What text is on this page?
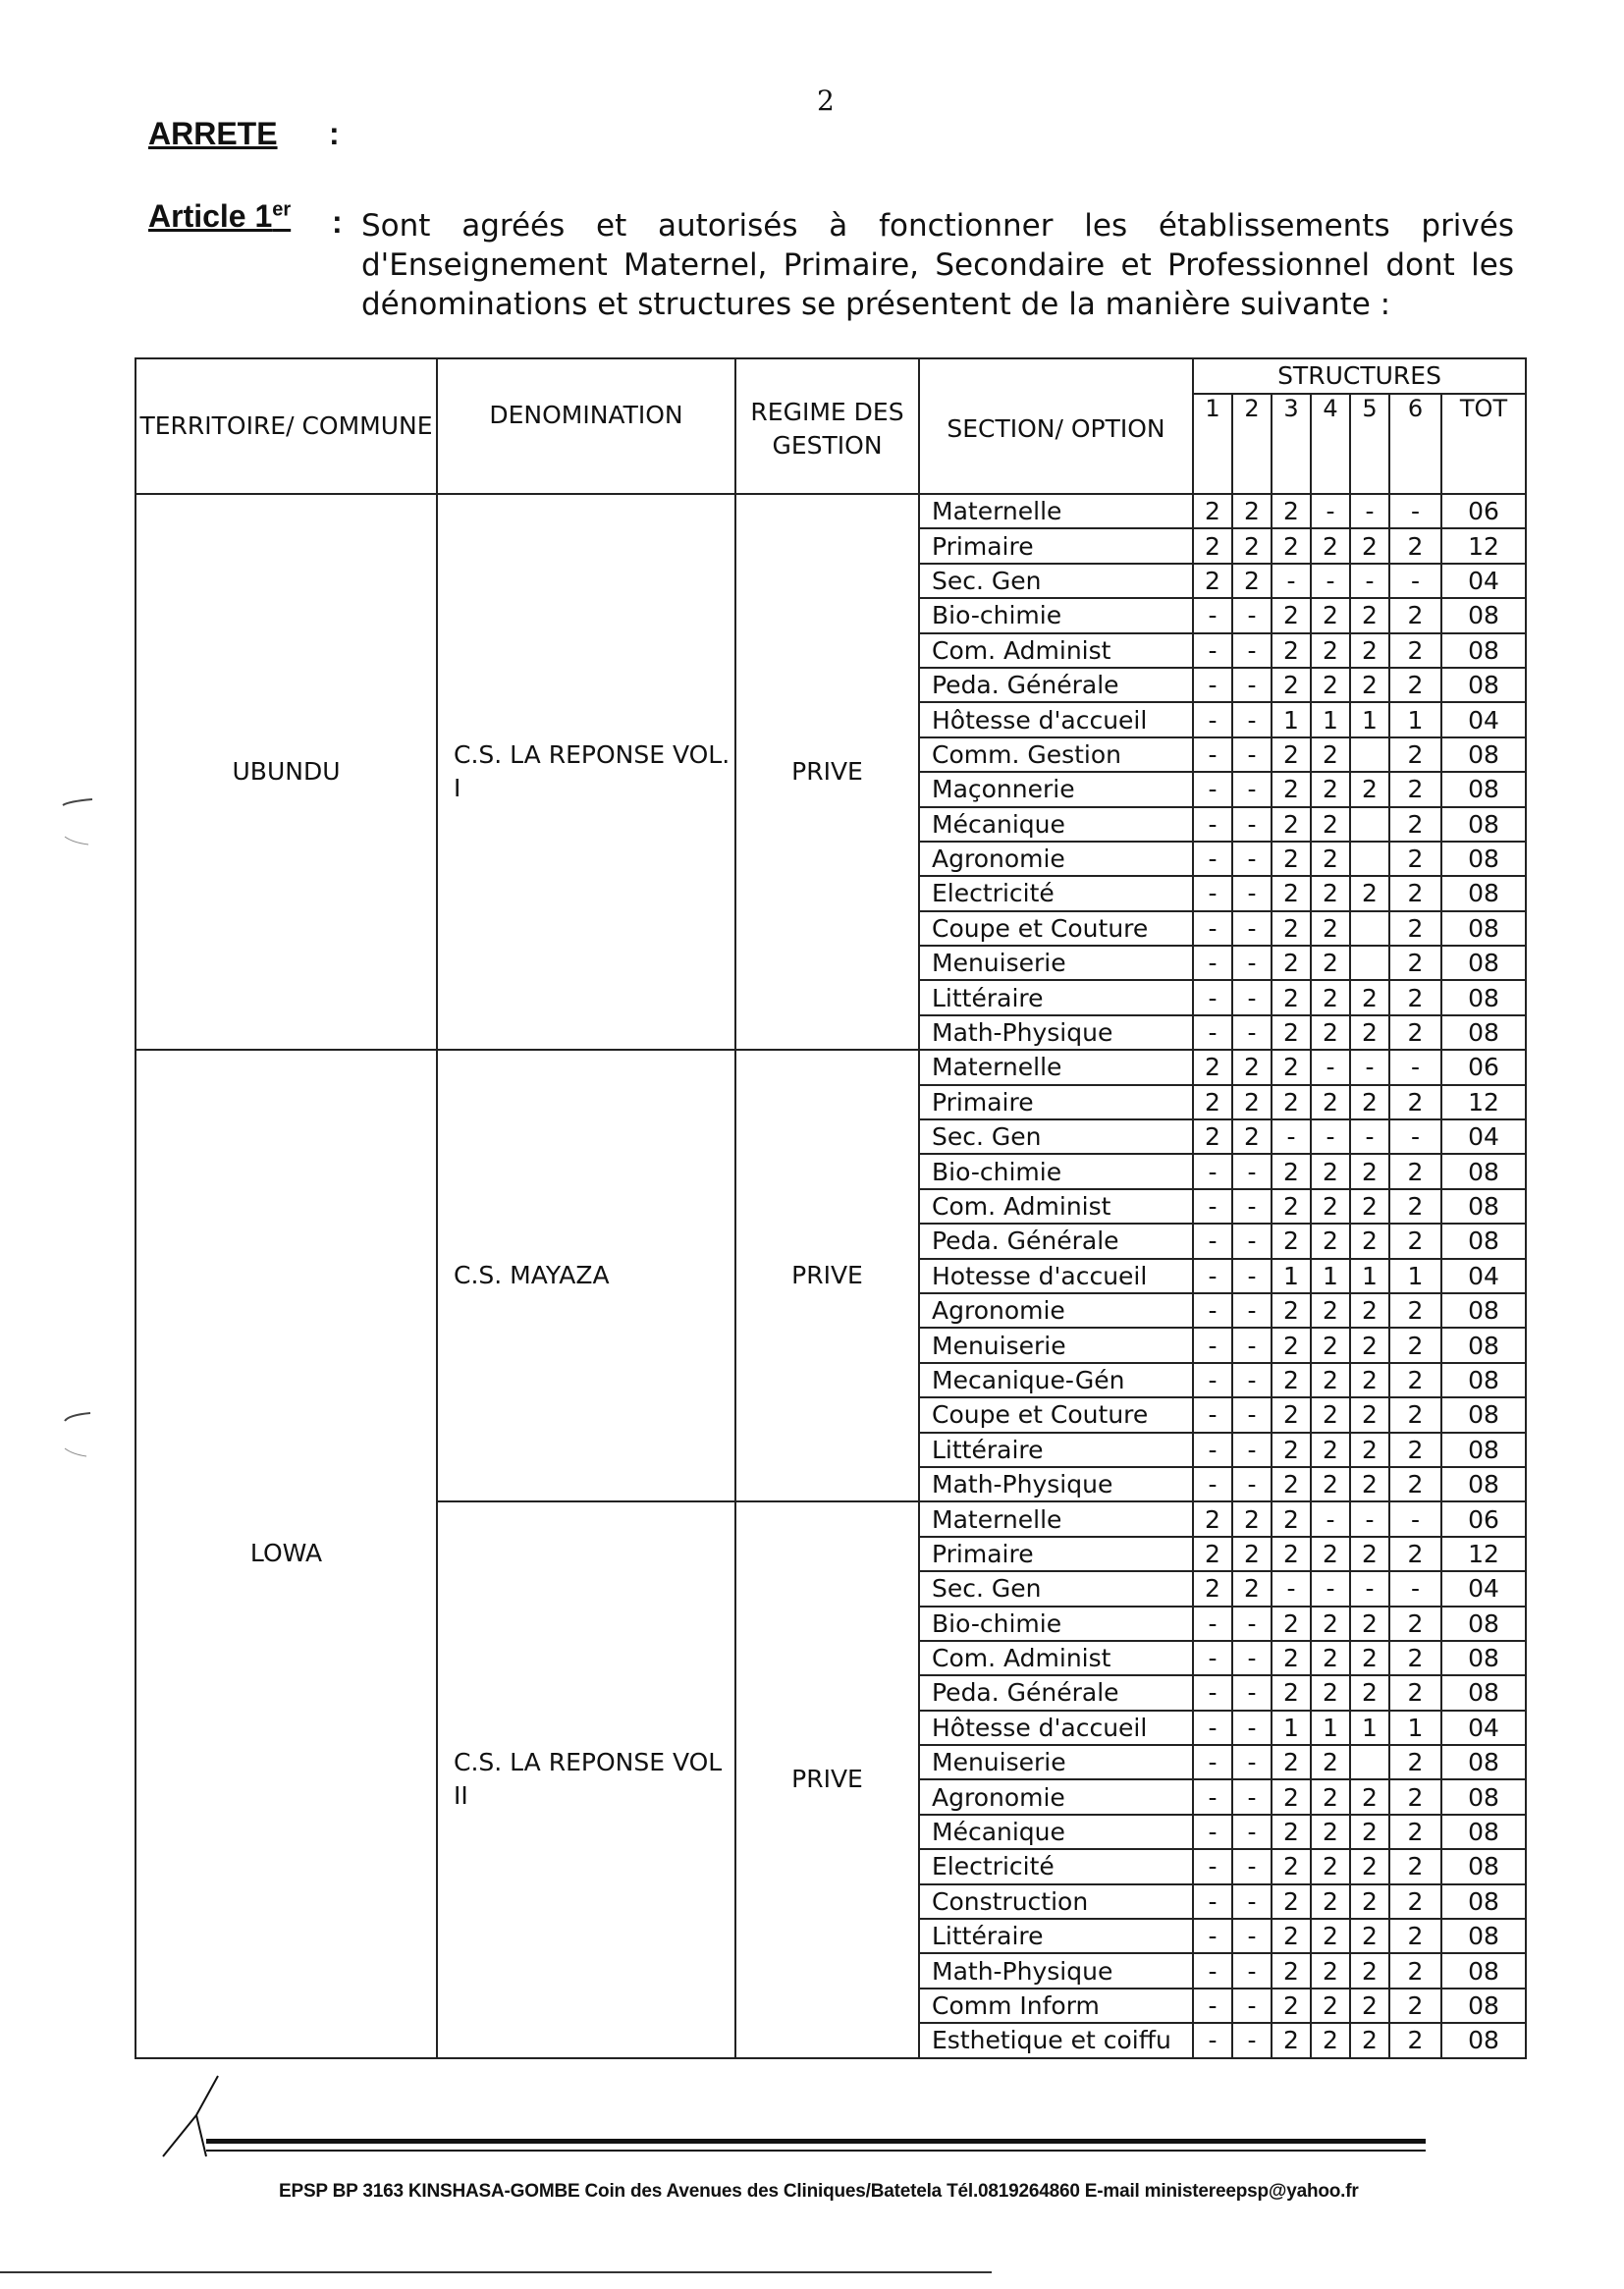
2
ARRETE :
Article 1er : Sont agréés et autorisés à fonctionner les établissements privés d'Enseignement Maternel, Primaire, Secondaire et Professionnel dont les dénominations et structures se présentent de la manière suivante :
TERRITOIRE/ COMMUNE	DENOMINATION	REGIME DES GESTION	SECTION/ OPTION	STRUCTURES						
				1	2	3	4	5	6	TOT
UBUNDU	C.S. LA REPONSE VOL. I	PRIVE	Maternelle	2	2	2	-	-	-	06
			Primaire	2	2	2	2	2	2	12
			Sec. Gen	2	2	-	-	-	-	04
			Bio-chimie	-	-	2	2	2	2	08
			Com. Administ	-	-	2	2	2	2	08
			Peda. Générale	-	-	2	2	2	2	08
			Hôtesse d'accueil	-	-	1	1	1	1	04
			Comm. Gestion	-	-	2	2		2	08
			Maçonnerie	-	-	2	2	2	2	08
			Mécanique	-	-	2	2		2	08
			Agronomie	-	-	2	2		2	08
			Electricité	-	-	2	2	2	2	08
			Coupe et Couture	-	-	2	2		2	08
			Menuiserie	-	-	2	2		2	08
			Littéraire	-	-	2	2	2	2	08
			Math-Physique	-	-	2	2	2	2	08
LOWA	C.S. MAYAZA	PRIVE	Maternelle	2	2	2	-	-	-	06
			Primaire	2	2	2	2	2	2	12
			Sec. Gen	2	2	-	-	-	-	04
			Bio-chimie	-	-	2	2	2	2	08
			Com. Administ	-	-	2	2	2	2	08
			Peda. Générale	-	-	2	2	2	2	08
			Hotesse d'accueil	-	-	1	1	1	1	04
			Agronomie	-	-	2	2	2	2	08
			Menuiserie	-	-	2	2	2	2	08
			Mecanique-Gén	-	-	2	2	2	2	08
			Coupe et Couture	-	-	2	2	2	2	08
			Littéraire	-	-	2	2	2	2	08
			Math-Physique	-	-	2	2	2	2	08
	C.S. LA REPONSE VOL II	PRIVE	Maternelle	2	2	2	-	-	-	06
			Primaire	2	2	2	2	2	2	12
			Sec. Gen	2	2	-	-	-	-	04
			Bio-chimie	-	-	2	2	2	2	08
			Com. Administ	-	-	2	2	2	2	08
			Peda. Générale	-	-	2	2	2	2	08
			Hôtesse d'accueil	-	-	1	1	1	1	04
			Menuiserie	-	-	2	2		2	08
			Agronomie	-	-	2	2	2	2	08
			Mécanique	-	-	2	2	2	2	08
			Electricité	-	-	2	2	2	2	08
			Construction	-	-	2	2	2	2	08
			Littéraire	-	-	2	2	2	2	08
			Math-Physique	-	-	2	2	2	2	08
			Comm Inform	-	-	2	2	2	2	08
			Esthetique et coiffu	-	-	2	2	2	2	08
EPSP BP 3163 KINSHASA-GOMBE Coin des Avenues des Cliniques/Batetela Tél.0819264860 E-mail ministereepsp@yahoo.fr
